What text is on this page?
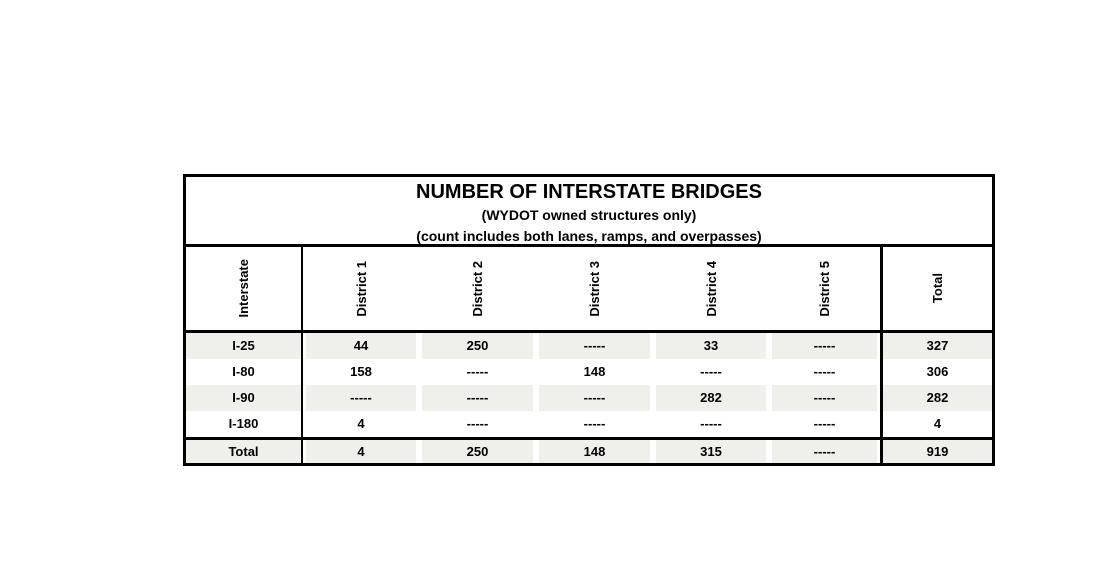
NUMBER OF INTERSTATE BRIDGES
(WYDOT owned structures only)
(count includes both lanes, ramps, and overpasses)
Interstate	District 1	District 2	District 3	District 4	District 5	Total
I-25	44	250	-----	33	-----	327
I-80	158	-----	148	-----	-----	306
I-90	-----	-----	-----	282	-----	282
I-180	4	-----	-----	-----	-----	4
Total	4	250	148	315	-----	919
